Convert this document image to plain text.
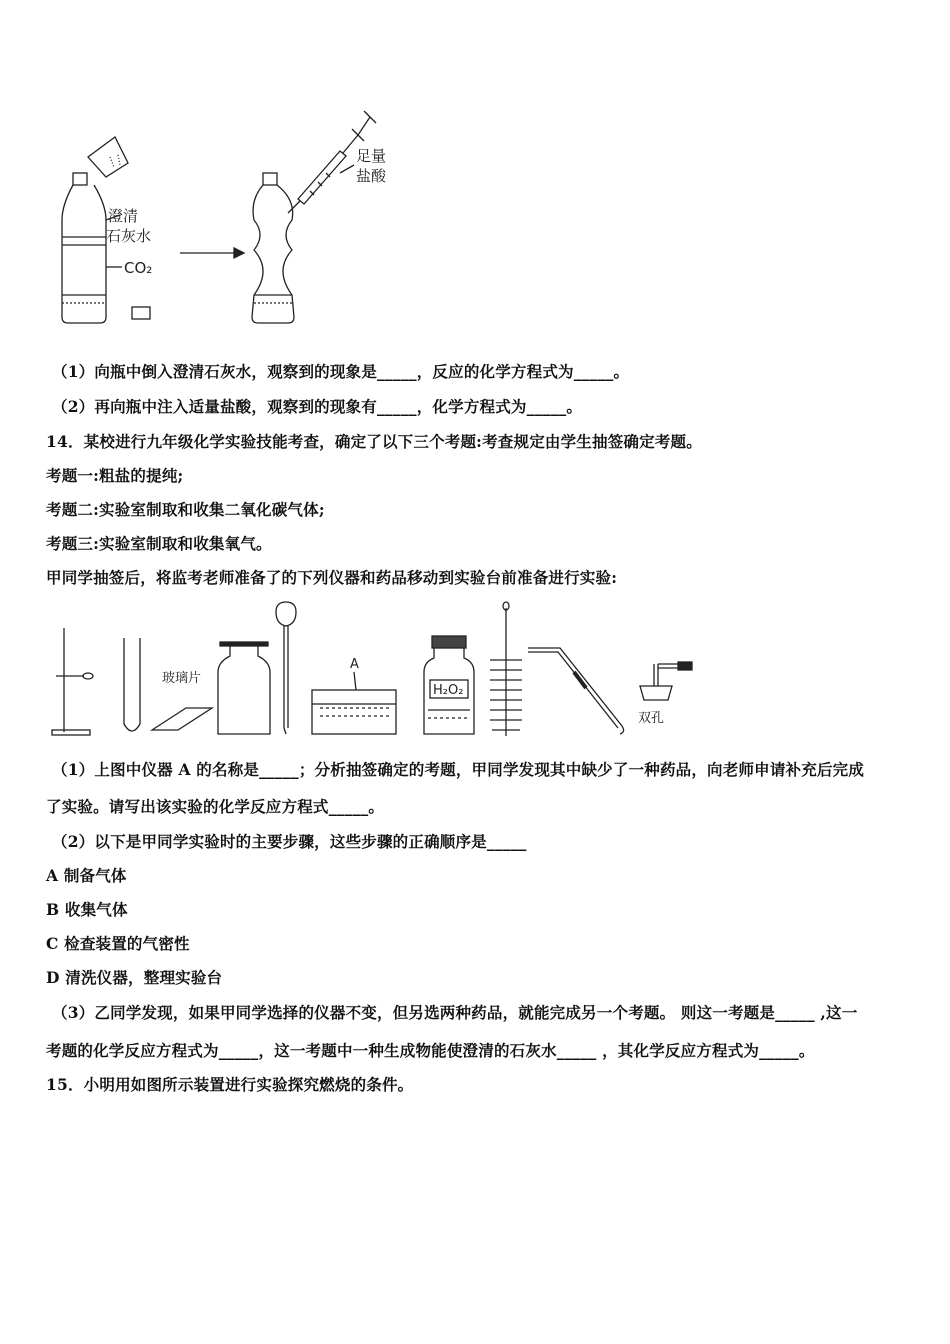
澄清
石灰水
CO₂
足量
盐酸
（1）向瓶中倒入澄清石灰水，观察到的现象是_____，反应的化学方程式为_____。
（2）再向瓶中注入适量盐酸，观察到的现象有_____，化学方程式为_____。
14．某校进行九年级化学实验技能考查，确定了以下三个考题:考查规定由学生抽签确定考题。
考题一:粗盐的提纯;
考题二:实验室制取和收集二氧化碳气体;
考题三:实验室制取和收集氧气。
甲同学抽签后，将监考老师准备了的下列仪器和药品移动到实验台前准备进行实验:
玻璃片
A
H₂O₂
双孔
（1）上图中仪器 A 的名称是_____；分析抽签确定的考题，甲同学发现其中缺少了一种药品，向老师申请补充后完成
了实验。请写出该实验的化学反应方程式_____。
（2）以下是甲同学实验时的主要步骤，这些步骤的正确顺序是_____
A 制备气体
B 收集气体
C 检查装置的气密性
D 清洗仪器，整理实验台
（3）乙同学发现，如果甲同学选择的仪器不变，但另选两种药品，就能完成另一个考题。 则这一考题是_____ ,这一
考题的化学反应方程式为_____，这一考题中一种生成物能使澄清的石灰水_____ ，其化学反应方程式为_____。
15．小明用如图所示装置进行实验探究燃烧的条件。
